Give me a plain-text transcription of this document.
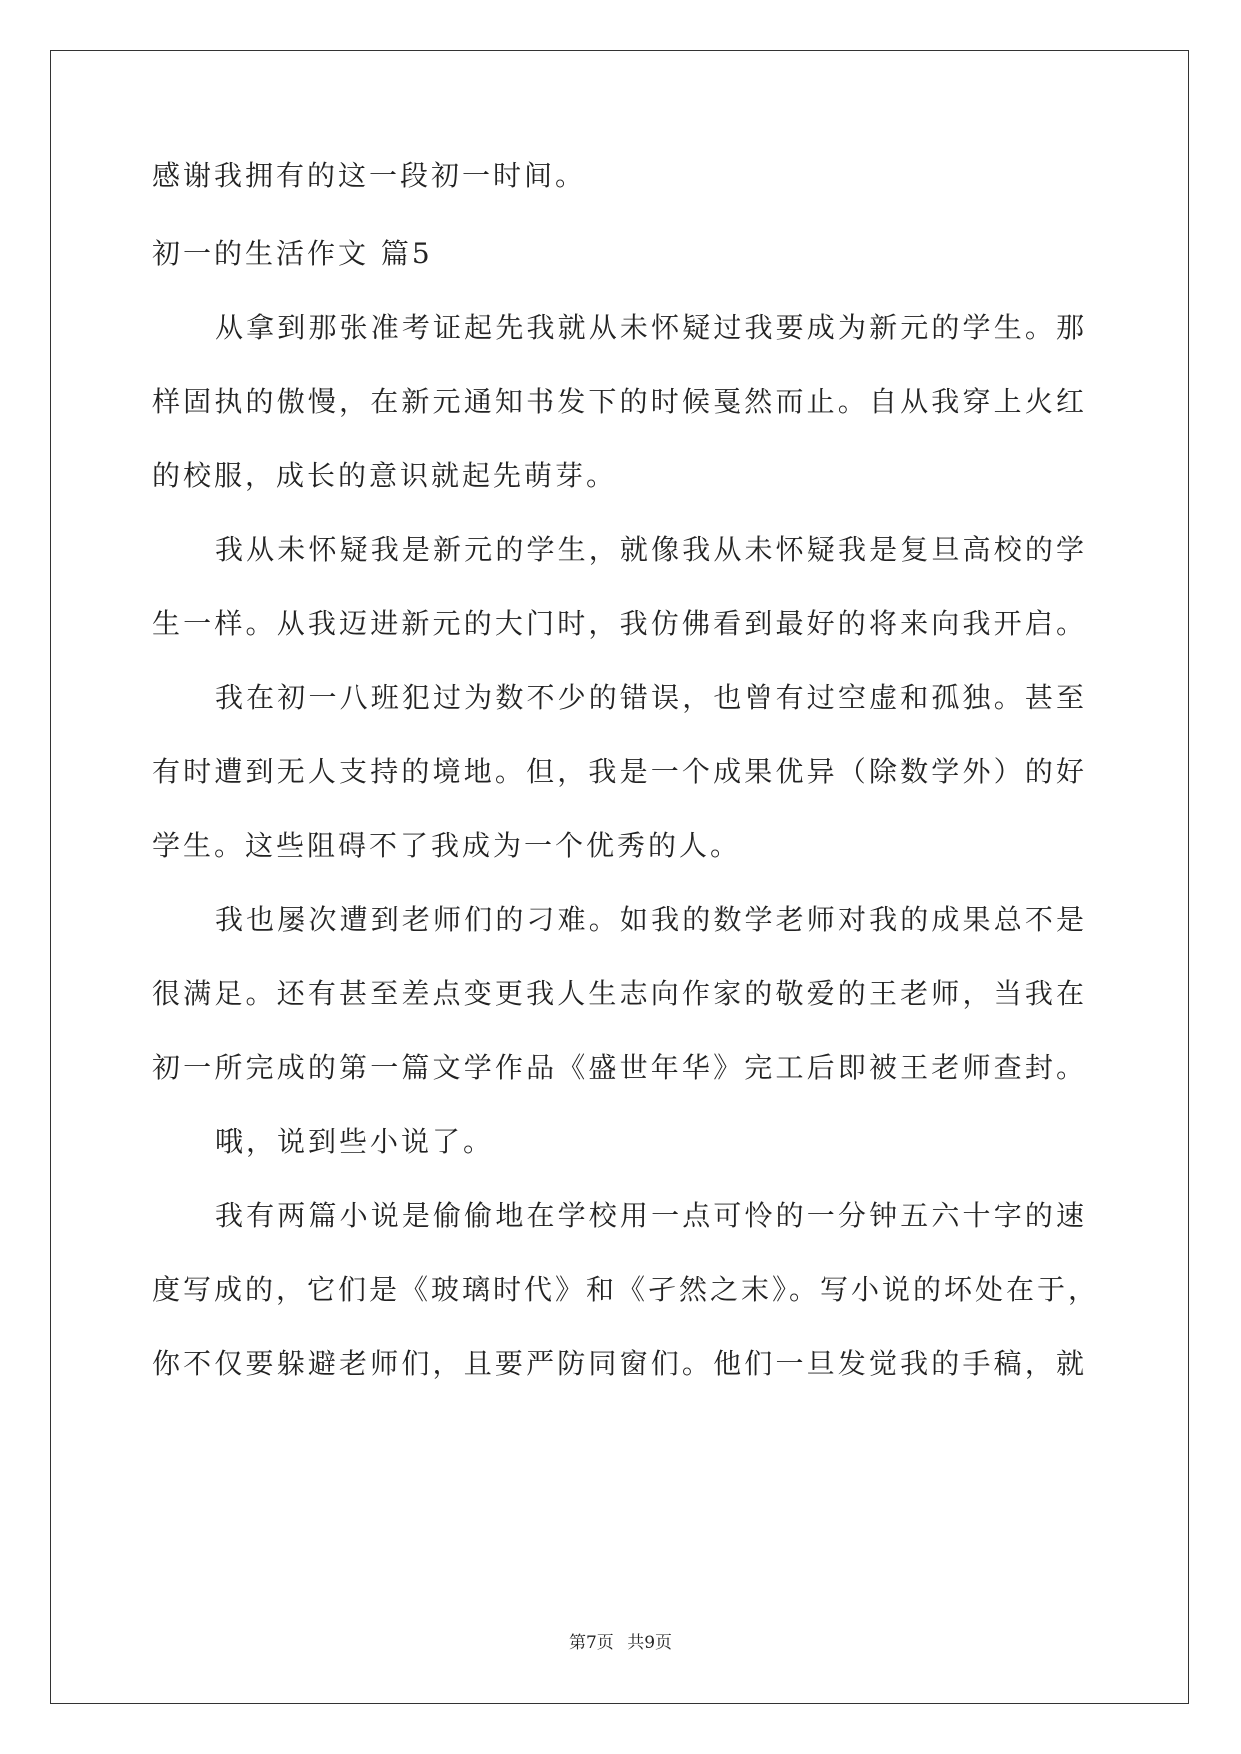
感谢我拥有的这一段初一时间。

初一的生活作文 篇5

从拿到那张准考证起先我就从未怀疑过我要成为新元的学生。那

样固执的傲慢，在新元通知书发下的时候戛然而止。自从我穿上火红

的校服，成长的意识就起先萌芽。

我从未怀疑我是新元的学生，就像我从未怀疑我是复旦高校的学

生一样。从我迈进新元的大门时，我仿佛看到最好的将来向我开启。

我在初一八班犯过为数不少的错误，也曾有过空虚和孤独。甚至

有时遭到无人支持的境地。但，我是一个成果优异（除数学外）的好

学生。这些阻碍不了我成为一个优秀的人。

我也屡次遭到老师们的刁难。如我的数学老师对我的成果总不是

很满足。还有甚至差点变更我人生志向作家的敬爱的王老师，当我在

初一所完成的第一篇文学作品《盛世年华》完工后即被王老师查封。

哦，说到些小说了。

我有两篇小说是偷偷地在学校用一点可怜的一分钟五六十字的速

度写成的，它们是《玻璃时代》和《孑然之末》。写小说的坏处在于，

你不仅要躲避老师们，且要严防同窗们。他们一旦发觉我的手稿，就

第7页 共9页
